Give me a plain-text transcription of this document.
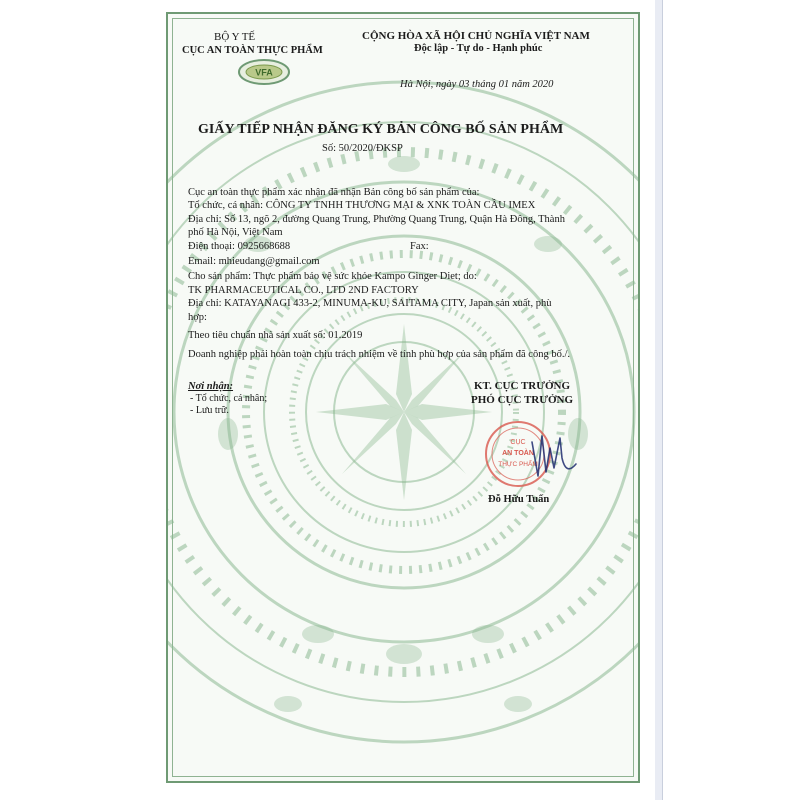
BỘ Y TẾ
CỤC AN TOÀN THỰC PHẨM
VFA
CỘNG HÒA XÃ HỘI CHỦ NGHĨA VIỆT NAM
Độc lập - Tự do - Hạnh phúc
Hà Nội, ngày 03 tháng 01 năm 2020
GIẤY TIẾP NHẬN ĐĂNG KÝ BẢN CÔNG BỐ SẢN PHẨM
Số: 50/2020/ĐKSP
Cục an toàn thực phẩm xác nhận đã nhận Bản công bố sản phẩm của:
Tổ chức, cá nhân: CÔNG TY TNHH THƯƠNG MẠI & XNK TOÀN CẦU IMEX
Địa chỉ: Số 13, ngõ 2, đường Quang Trung, Phường Quang Trung, Quận Hà Đông, Thành
phố Hà Nội, Việt Nam
Điện thoại: 0925668688	Fax:
Email: mhieudang@gmail.com
Cho sản phẩm: Thực phẩm bảo vệ sức khỏe Kampo Ginger Diet; do:
TK PHARMACEUTICAL CO., LTD 2ND FACTORY
Địa chỉ: KATAYANAGI 433-2, MINUMA-KU, SAITAMA CITY, Japan sản xuất, phù
hợp:
Theo tiêu chuẩn nhà sản xuất số: 01.2019
Doanh nghiệp phải hoàn toàn chịu trách nhiệm về tính phù hợp của sản phẩm đã công bố./.
Nơi nhận:
- Tổ chức, cá nhân;
- Lưu trữ.
KT. CỤC TRƯỞNG
PHÓ CỤC TRƯỞNG
CỤC
AN TOÀN
THỰC PHẨM
Đỗ Hữu Tuấn
